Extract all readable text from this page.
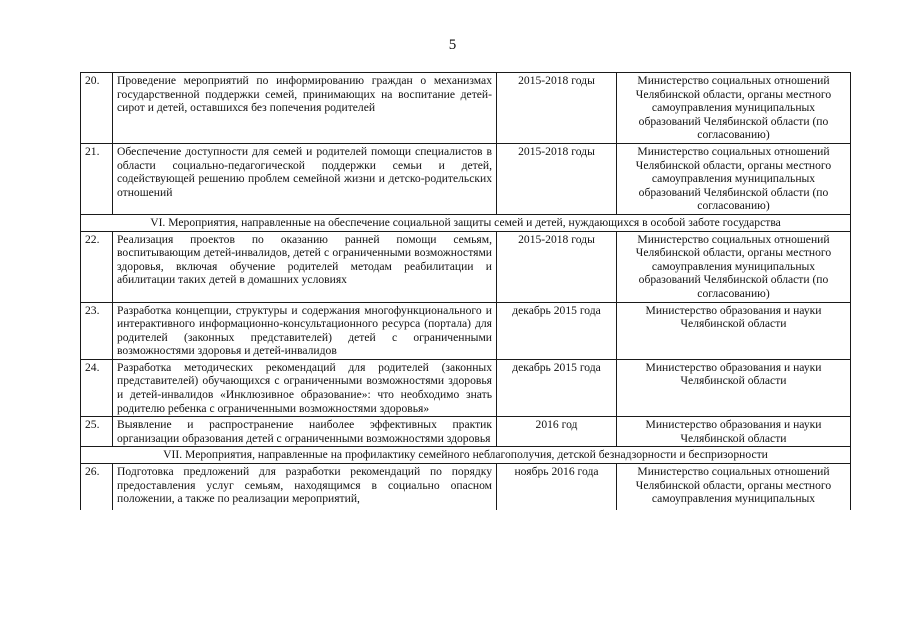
5
20.	Проведение мероприятий по информированию граждан о механизмах государственной поддержки семей, принимающих на воспитание детей-сирот и детей, оставшихся без попечения родителей	2015-2018 годы	Министерство социальных отношений Челябинской области, органы местного самоуправления муниципальных образований Челябинской области (по согласованию)
21.	Обеспечение доступности для семей и родителей помощи специалистов в области социально-педагогической поддержки семьи и детей, содействующей решению проблем семейной жизни и детско-родительских отношений	2015-2018 годы	Министерство социальных отношений Челябинской области, органы местного самоуправления муниципальных образований Челябинской области (по согласованию)
VI. Мероприятия, направленные на обеспечение социальной защиты семей и детей, нуждающихся в особой заботе государства			
22.	Реализация проектов по оказанию ранней помощи семьям, воспитывающим детей-инвалидов, детей с ограниченными возможностями здоровья, включая обучение родителей методам реабилитации и абилитации таких детей в домашних условиях	2015-2018 годы	Министерство социальных отношений Челябинской области, органы местного самоуправления муниципальных образований Челябинской области (по согласованию)
23.	Разработка концепции, структуры и содержания многофункционального и интерактивного информационно-консультационного ресурса (портала) для родителей (законных представителей) детей с ограниченными возможностями здоровья и детей-инвалидов	декабрь 2015 года	Министерство образования и науки Челябинской области
24.	Разработка методических рекомендаций для родителей (законных представителей) обучающихся с ограниченными возможностями здоровья и детей-инвалидов «Инклюзивное образование»: что необходимо знать родителю ребенка с ограниченными возможностями здоровья»	декабрь 2015 года	Министерство образования и науки Челябинской области
25.	Выявление и распространение наиболее эффективных практик организации образования детей с ограниченными возможностями здоровья	2016 год	Министерство образования и науки Челябинской области
VII. Мероприятия, направленные на профилактику семейного неблагополучия, детской безнадзорности и беспризорности			
26.	Подготовка предложений для разработки рекомендаций по порядку предоставления услуг семьям, находящимся в социально опасном положении, а также по реализации мероприятий,	ноябрь 2016 года	Министерство социальных отношений Челябинской области, органы местного самоуправления муниципальных
